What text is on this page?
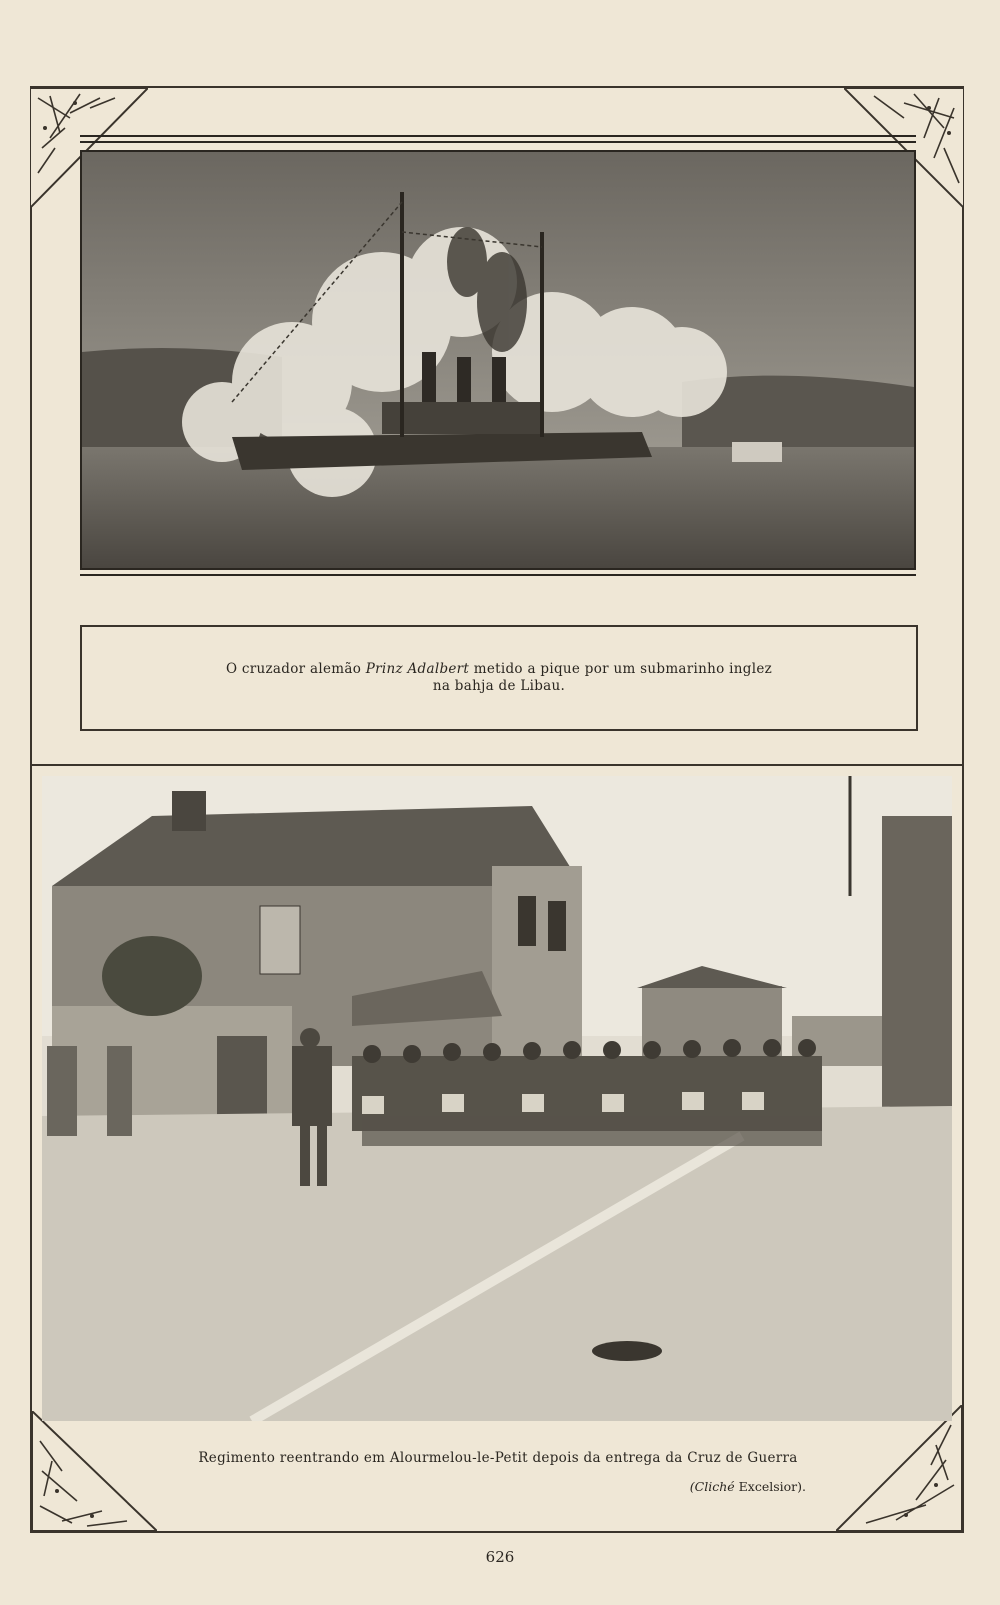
O cruzador alemão Prinz Adalbert metido a pique por um submarinho inglez
na bahja de Libau.
Regimento reentrando em Alourmelou-le-Petit depois da entrega da Cruz de Guerra
(Cliché Excelsior).
626
